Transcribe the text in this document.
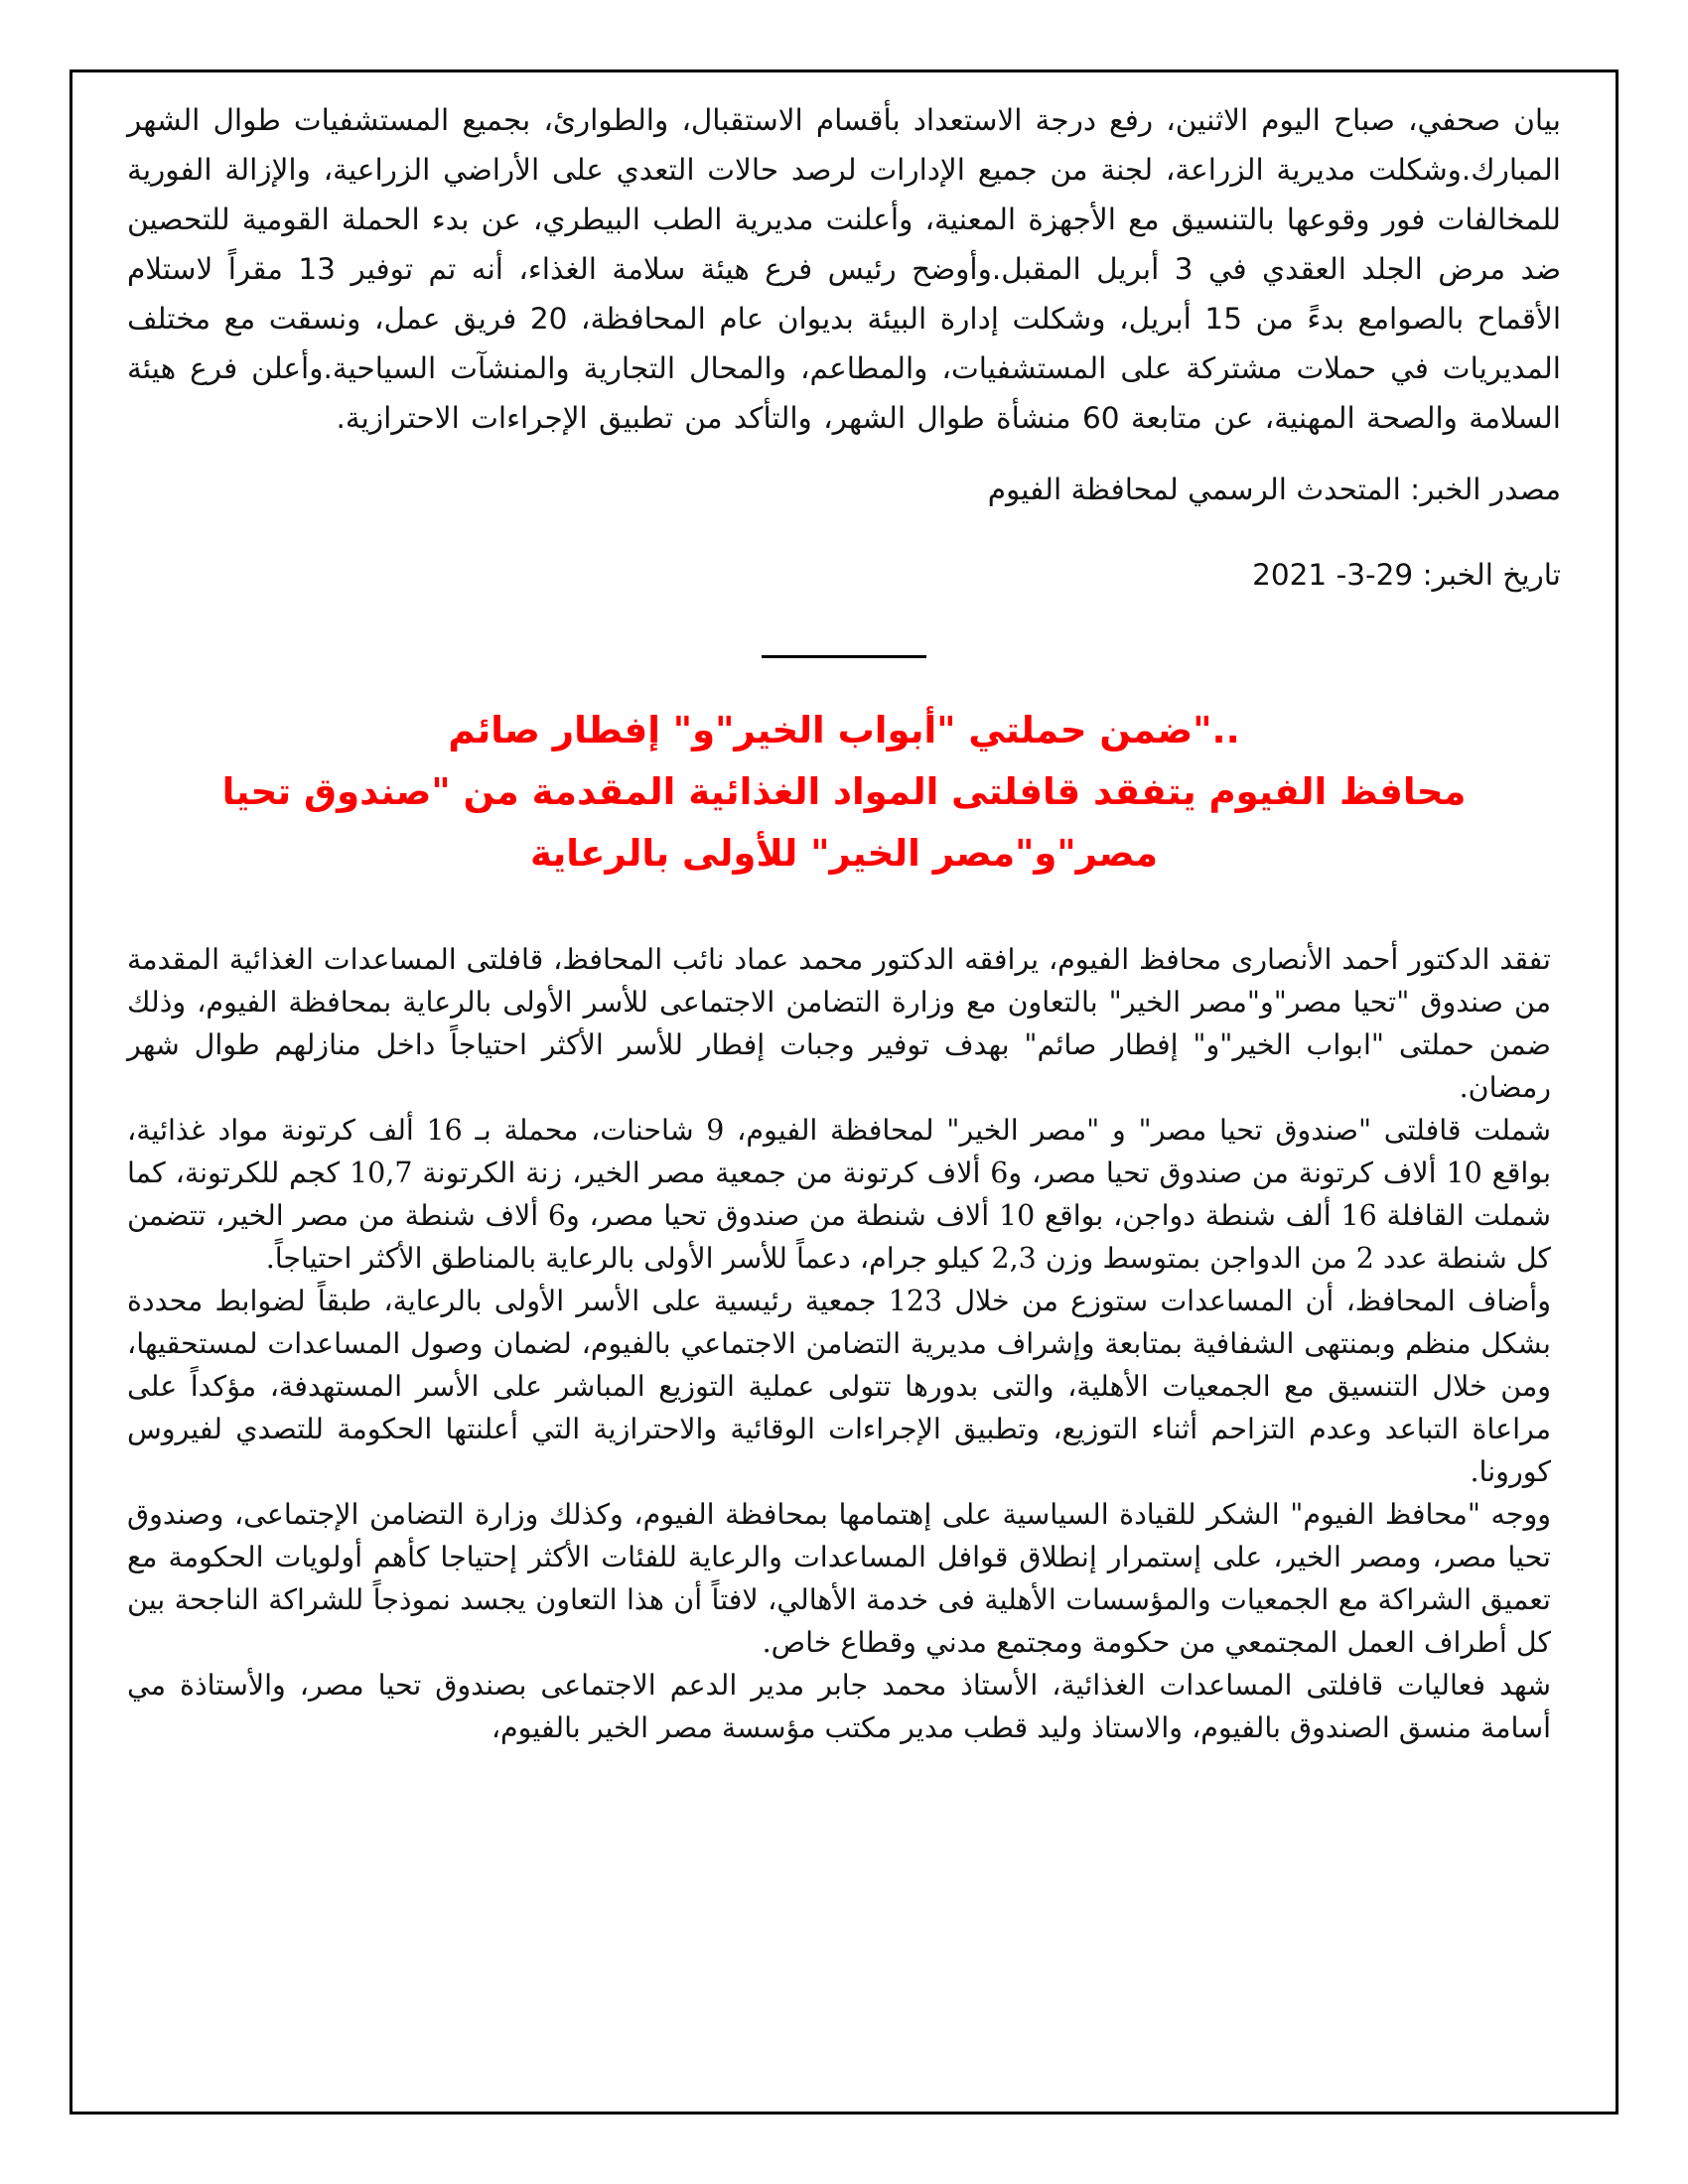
بيان صحفي، صباح اليوم الاثنين، رفع درجة الاستعداد بأقسام الاستقبال، والطوارئ، بجميع المستشفيات طوال الشهر المبارك.وشكلت مديرية الزراعة، لجنة من جميع الإدارات لرصد حالات التعدي على الأراضي الزراعية، والإزالة الفورية للمخالفات فور وقوعها بالتنسيق مع الأجهزة المعنية، وأعلنت مديرية الطب البيطري، عن بدء الحملة القومية للتحصين ضد مرض الجلد العقدي في 3 أبريل المقبل.وأوضح رئيس فرع هيئة سلامة الغذاء، أنه تم توفير 13 مقراً لاستلام الأقماح بالصوامع بدءً من 15 أبريل، وشكلت إدارة البيئة بديوان عام المحافظة، 20 فريق عمل، ونسقت مع مختلف المديريات في حملات مشتركة على المستشفيات، والمطاعم، والمحال التجارية والمنشآت السياحية.وأعلن فرع هيئة السلامة والصحة المهنية، عن متابعة 60 منشأة طوال الشهر، والتأكد من تطبيق الإجراءات الاحترازية.

مصدر الخبر: المتحدث الرسمي لمحافظة الفيوم

تاريخ الخبر: 29-3- 2021

.."ضمن حملتي "أبواب الخير"و" إفطار صائم
محافظ الفيوم يتفقد قافلتى المواد الغذائية المقدمة من "صندوق تحيا
مصر"و"مصر الخير" للأولى بالرعاية

تفقد الدكتور أحمد الأنصارى محافظ الفيوم، يرافقه الدكتور محمد عماد نائب المحافظ، قافلتى المساعدات الغذائية المقدمة من صندوق "تحيا مصر"و"مصر الخير" بالتعاون مع وزارة التضامن الاجتماعى للأسر الأولى بالرعاية بمحافظة الفيوم، وذلك ضمن حملتى "ابواب الخير"و" إفطار صائم" بهدف توفير وجبات إفطار للأسر الأكثر احتياجاً داخل منازلهم طوال شهر رمضان.

شملت قافلتى "صندوق تحيا مصر" و "مصر الخير" لمحافظة الفيوم، 9 شاحنات، محملة بـ 16 ألف كرتونة مواد غذائية، بواقع 10 ألاف كرتونة من صندوق تحيا مصر، و6 ألاف كرتونة من جمعية مصر الخير، زنة الكرتونة 10,7 كجم للكرتونة، كما شملت القافلة 16 ألف شنطة دواجن، بواقع 10 ألاف شنطة من صندوق تحيا مصر، و6 ألاف شنطة من مصر الخير، تتضمن كل شنطة عدد 2 من الدواجن بمتوسط وزن 2,3 كيلو جرام، دعماً للأسر الأولى بالرعاية بالمناطق الأكثر احتياجاً.

وأضاف المحافظ، أن المساعدات ستوزع من خلال 123 جمعية رئيسية على الأسر الأولى بالرعاية، طبقاً لضوابط محددة بشكل منظم وبمنتهى الشفافية بمتابعة وإشراف مديرية التضامن الاجتماعي بالفيوم، لضمان وصول المساعدات لمستحقيها، ومن خلال التنسيق مع الجمعيات الأهلية، والتى بدورها تتولى عملية التوزيع المباشر على الأسر المستهدفة، مؤكداً على مراعاة التباعد وعدم التزاحم أثناء التوزيع، وتطبيق الإجراءات الوقائية والاحترازية التي أعلنتها الحكومة للتصدي لفيروس كورونا.

ووجه "محافظ الفيوم" الشكر للقيادة السياسية على إهتمامها بمحافظة الفيوم، وكذلك وزارة التضامن الإجتماعى، وصندوق تحيا مصر، ومصر الخير، على إستمرار إنطلاق قوافل المساعدات والرعاية للفئات الأكثر إحتياجا كأهم أولويات الحكومة مع تعميق الشراكة مع الجمعيات والمؤسسات الأهلية فى خدمة الأهالي، لافتاً أن هذا التعاون يجسد نموذجاً للشراكة الناجحة بين كل أطراف العمل المجتمعي من حكومة ومجتمع مدني وقطاع خاص.

شهد فعاليات قافلتى المساعدات الغذائية، الأستاذ محمد جابر مدير الدعم الاجتماعى بصندوق تحيا مصر، والأستاذة مي أسامة منسق الصندوق بالفيوم، والاستاذ وليد قطب مدير مكتب مؤسسة مصر الخير بالفيوم،
